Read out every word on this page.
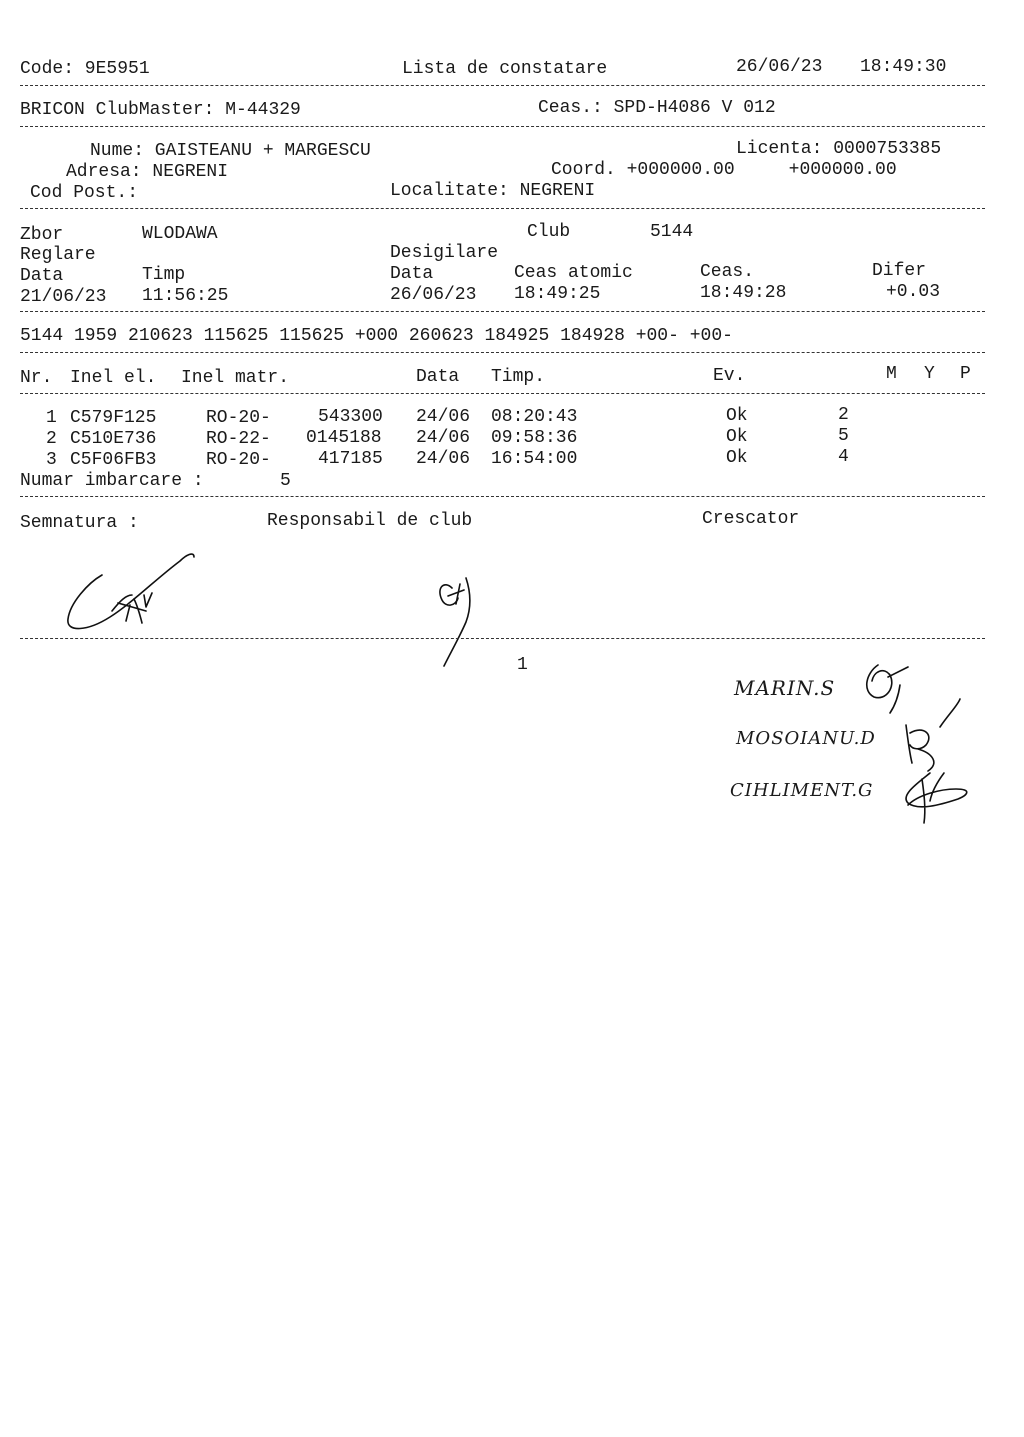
Code: 9E5951	Lista de constatare	26/06/23 18:49:30
BRICON ClubMaster: M-44329	Ceas.: SPD-H4086 V 012
Nume: GAISTEANU + MARGESCU	Licenta: 0000753385
Adresa: NEGRENI	Coord. +000000.00     +000000.00
Cod Post.:	Localitate: NEGRENI
Zbor	WLODAWA	Club	5144
Reglare	Desigilare
Data	Timp	Data	Ceas atomic	Ceas.	Difer
21/06/23 11:56:25	26/06/23 18:49:25	18:49:28	+0.03
5144 1959 210623 115625 115625 +000 260623 184925 184928 +00- +00-
Nr. Inel el. Inel matr.	Data Timp.	Ev.	M Y P
1 C579F125	RO-20-	543300 24/06 08:20:43	Ok	2
2 C510E736	RO-22- 0145188 24/06 09:58:36	Ok	5
3 C5F06FB3	RO-20-	417185 24/06 16:54:00	Ok	4
Numar imbarcare :	5
Semnatura :	Responsabil de club	Crescator
1
MARIN.S
MOSOIANU.D
CIHLIMENT.G
